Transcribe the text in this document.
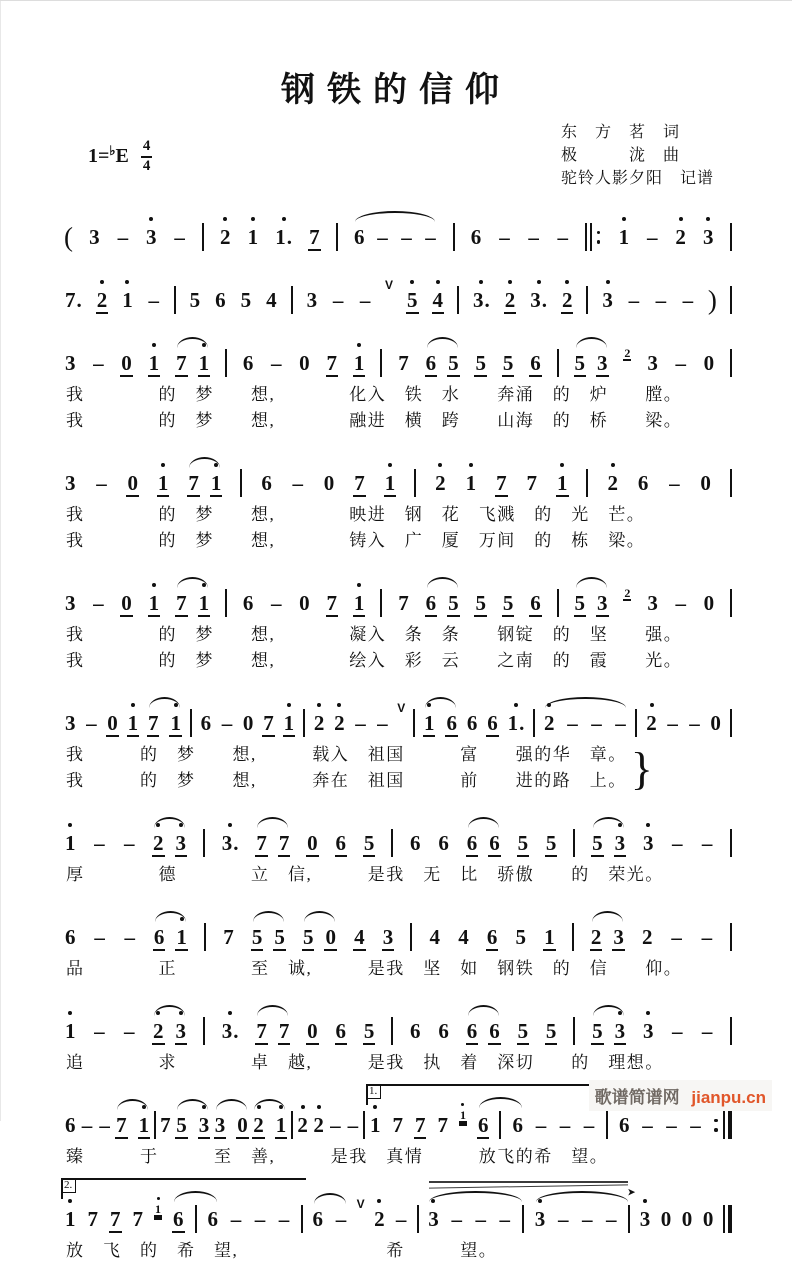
钢铁的信仰
1= ♭ E 4
4
东　方　茗　词
极　　　泷　曲
驼铃人影夕阳　记谱
( 3 – 3 – 2 1 1. 7 6 – – – 6 – – – 1 – 2 3
7. 2 1 – 5 6 5 4 3 – –
V
5 4 3. 2 3. 2 3 – – – )
3 – 0 1 7 1 6 – 0 7 1 7 6 5 5 5 6 5 3 2 3 – 0
我　　　　的　梦　　想,　　　　化入　铁　水　　奔涌　的　炉　　膛。
我　　　　的　梦　　想,　　　　融进　横　跨　　山海　的　桥　　梁。
3 – 0 1 7 1 6 – 0 7 1 2 1 7 7 1 2 6 – 0
我　　　　的　梦　　想,　　　　映进　钢　花　飞溅　的　光　芒。
我　　　　的　梦　　想,　　　　铸入　广　厦　万间　的　栋　梁。
3 – 0 1 7 1 6 – 0 7 1 7 6 5 5 5 6 5 3 2 3 – 0
我　　　　的　梦　　想,　　　　凝入　条　条　　钢锭　的　坚　　强。
我　　　　的　梦　　想,　　　　绘入　彩　云　　之南　的　霞　　光。
3 – 0 1 7 1 6 – 0 7 1 2 2 – –
V
1 6 6 6 1. 2 – – – 2 – – 0
我　　　的　梦　　想,　　　载入　祖国　　　富　　强的华　章。
我　　　的　梦　　想,　　　奔在　祖国　　　前　　进的路　上。 }
1 – – 2 3 3. 7 7 0 6 5 6 6 6 6 5 5 5 3 3 – –
厚　　　　德　　　　立　信,　　　是我　无　比　骄傲　　的　荣光。
6 – – 6 1 7 5 5 5 0 4 3 4 4 6 5 1 2 3 2 – –
品　　　　正　　　　至　诚,　　　是我　坚　如　钢铁　的　信　　仰。
1 – – 2 3 3. 7 7 0 6 5 6 6 6 6 5 5 5 3 3 – –
追　　　　求　　　　卓　越,　　　是我　执　着　深切　　的　理想。
6 – – 7 1 7 5 3 3 0 2 1 2 2 – – 1 7 7 7 1 6 6 – – – 6 – – –
1.
臻　　　于　　　至　善,　　　是我　真情　　　放飞的希　望。
1 7 7 7 1 6 6 – – –
2.
6 –
V
2 – 3 – – – 3 – – –
➤ 3 0 0 0
放　飞　的　希　望,　　　　　　　　希　　　望。
歌谱简谱网 jianpu.cn
